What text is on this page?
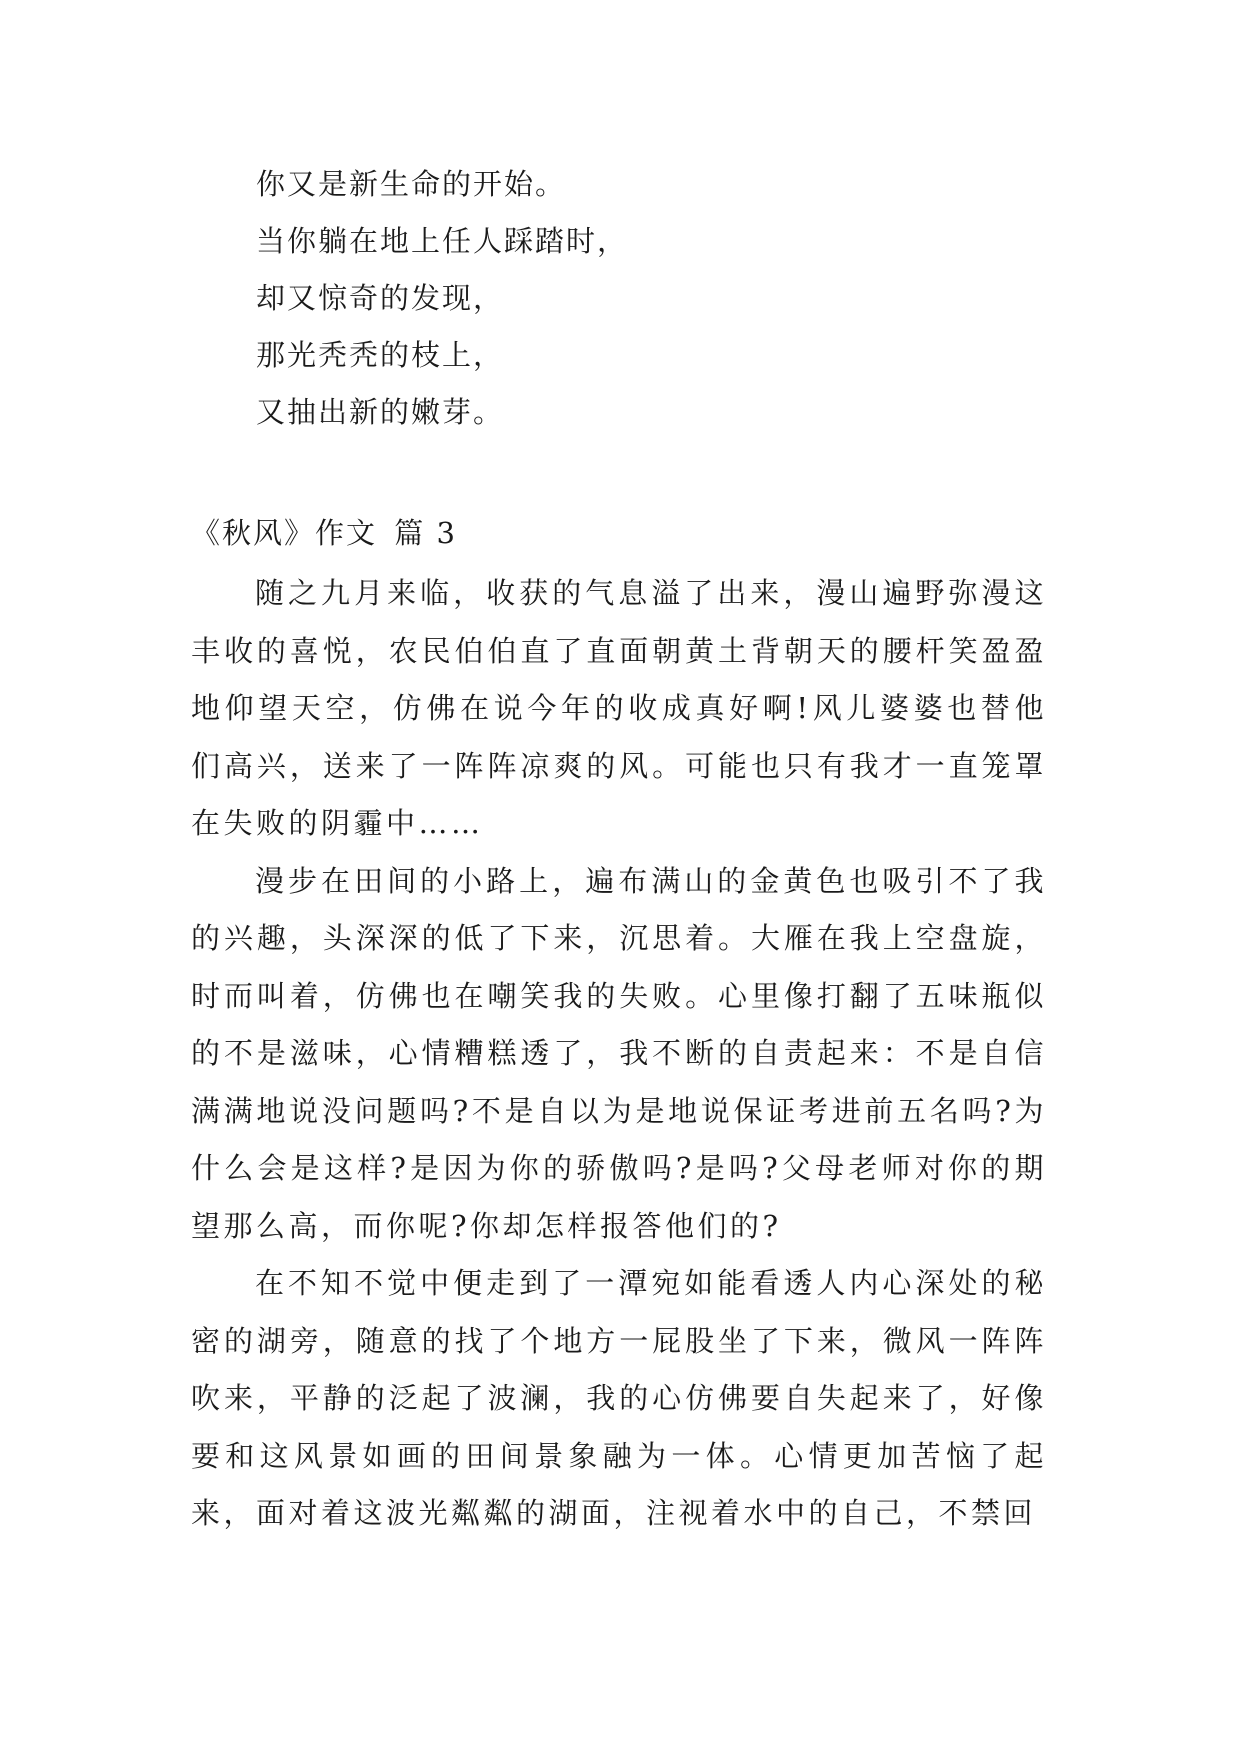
你又是新生命的开始。
当你躺在地上任人踩踏时，
却又惊奇的发现，
那光秃秃的枝上，
又抽出新的嫩芽。
《秋风》作文 篇 3

随之九月来临，收获的气息溢了出来，漫山遍野弥漫这丰收的喜悦，农民伯伯直了直面朝黄土背朝天的腰杆笑盈盈地仰望天空，仿佛在说今年的收成真好啊!风儿婆婆也替他们高兴，送来了一阵阵凉爽的风。可能也只有我才一直笼罩在失败的阴霾中……

漫步在田间的小路上，遍布满山的金黄色也吸引不了我的兴趣，头深深的低了下来，沉思着。大雁在我上空盘旋，时而叫着，仿佛也在嘲笑我的失败。心里像打翻了五味瓶似的不是滋味，心情糟糕透了，我不断的自责起来：不是自信满满地说没问题吗?不是自以为是地说保证考进前五名吗?为什么会是这样?是因为你的骄傲吗?是吗?父母老师对你的期望那么高，而你呢?你却怎样报答他们的?

在不知不觉中便走到了一潭宛如能看透人内心深处的秘密的湖旁，随意的找了个地方一屁股坐了下来，微风一阵阵吹来，平静的泛起了波澜，我的心仿佛要自失起来了，好像要和这风景如画的田间景象融为一体。心情更加苦恼了起来，面对着这波光粼粼的湖面，注视着水中的自己，不禁回
